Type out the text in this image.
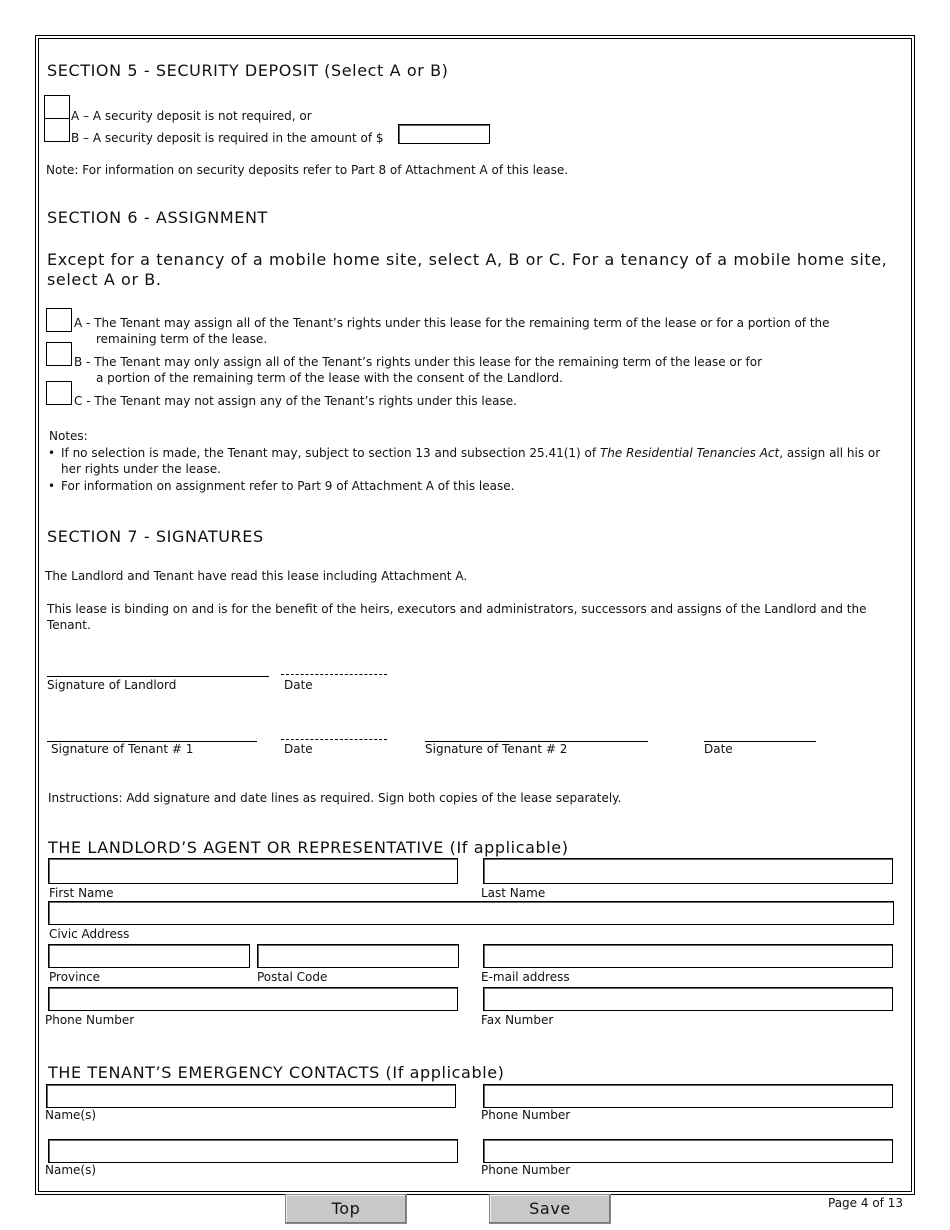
SECTION 5 - SECURITY DEPOSIT (Select A or B)
A – A security deposit is not required, or
B – A security deposit is required in the amount of $
Note: For information on security deposits refer to Part 8 of Attachment A of this lease.
SECTION 6 - ASSIGNMENT
Except for a tenancy of a mobile home site, select A, B or C. For a tenancy of a mobile home site, select A or B.
A - The Tenant may assign all of the Tenant’s rights under this lease for the remaining term of the lease or for a portion of the
remaining term of the lease.
B - The Tenant may only assign all of the Tenant’s rights under this lease for the remaining term of the lease or for
a portion of the remaining term of the lease with the consent of the Landlord.
C - The Tenant may not assign any of the Tenant’s rights under this lease.
Notes:
• If no selection is made, the Tenant may, subject to section 13 and subsection 25.41(1) of The Residential Tenancies Act, assign all his or
her rights under the lease.
• For information on assignment refer to Part 9 of Attachment A of this lease.
SECTION 7 - SIGNATURES
The Landlord and Tenant have read this lease including Attachment A.
This lease is binding on and is for the benefit of the heirs, executors and administrators, successors and assigns of the Landlord and the Tenant.
Signature of Landlord	Date
Signature of Tenant # 1	Date	Signature of Tenant # 2	Date
Instructions: Add signature and date lines as required. Sign both copies of the lease separately.
THE LANDLORD’S AGENT OR REPRESENTATIVE (If applicable)
First Name	Last Name
Civic Address
Province	Postal Code	E-mail address
Phone Number	Fax Number
THE TENANT’S EMERGENCY CONTACTS (If applicable)
Name(s)	Phone Number
Name(s)	Phone Number
Top	Save	Page 4 of 13
